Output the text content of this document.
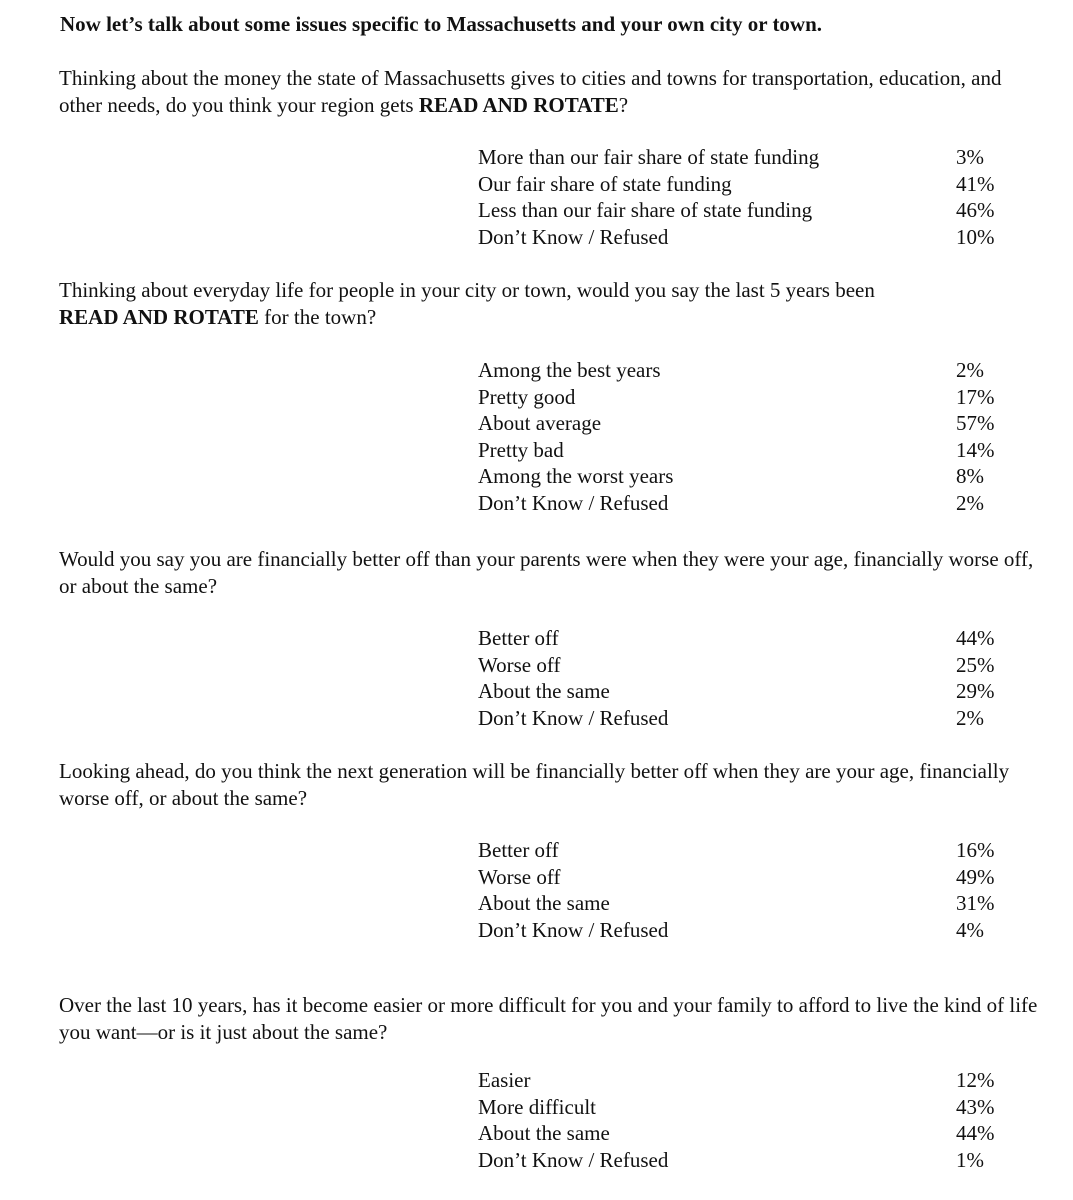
Now let’s talk about some issues specific to Massachusetts and your own city or town.
Thinking about the money the state of Massachusetts gives to cities and towns for transportation, education, and other needs, do you think your region gets READ AND ROTATE?
More than our fair share of state funding	3%
Our fair share of state funding	41%
Less than our fair share of state funding	46%
Don’t Know / Refused	10%
Thinking about everyday life for people in your city or town, would you say the last 5 years been
READ AND ROTATE for the town?
Among the best years	2%
Pretty good	17%
About average	57%
Pretty bad	14%
Among the worst years	8%
Don’t Know / Refused	2%
Would you say you are financially better off than your parents were when they were your age, financially worse off, or about the same?
Better off	44%
Worse off	25%
About the same	29%
Don’t Know / Refused	2%
Looking ahead, do you think the next generation will be financially better off when they are your age, financially worse off, or about the same?
Better off	16%
Worse off	49%
About the same	31%
Don’t Know / Refused	4%
Over the last 10 years, has it become easier or more difficult for you and your family to afford to live the kind of life you want—or is it just about the same?
Easier	12%
More difficult	43%
About the same	44%
Don’t Know / Refused	1%
